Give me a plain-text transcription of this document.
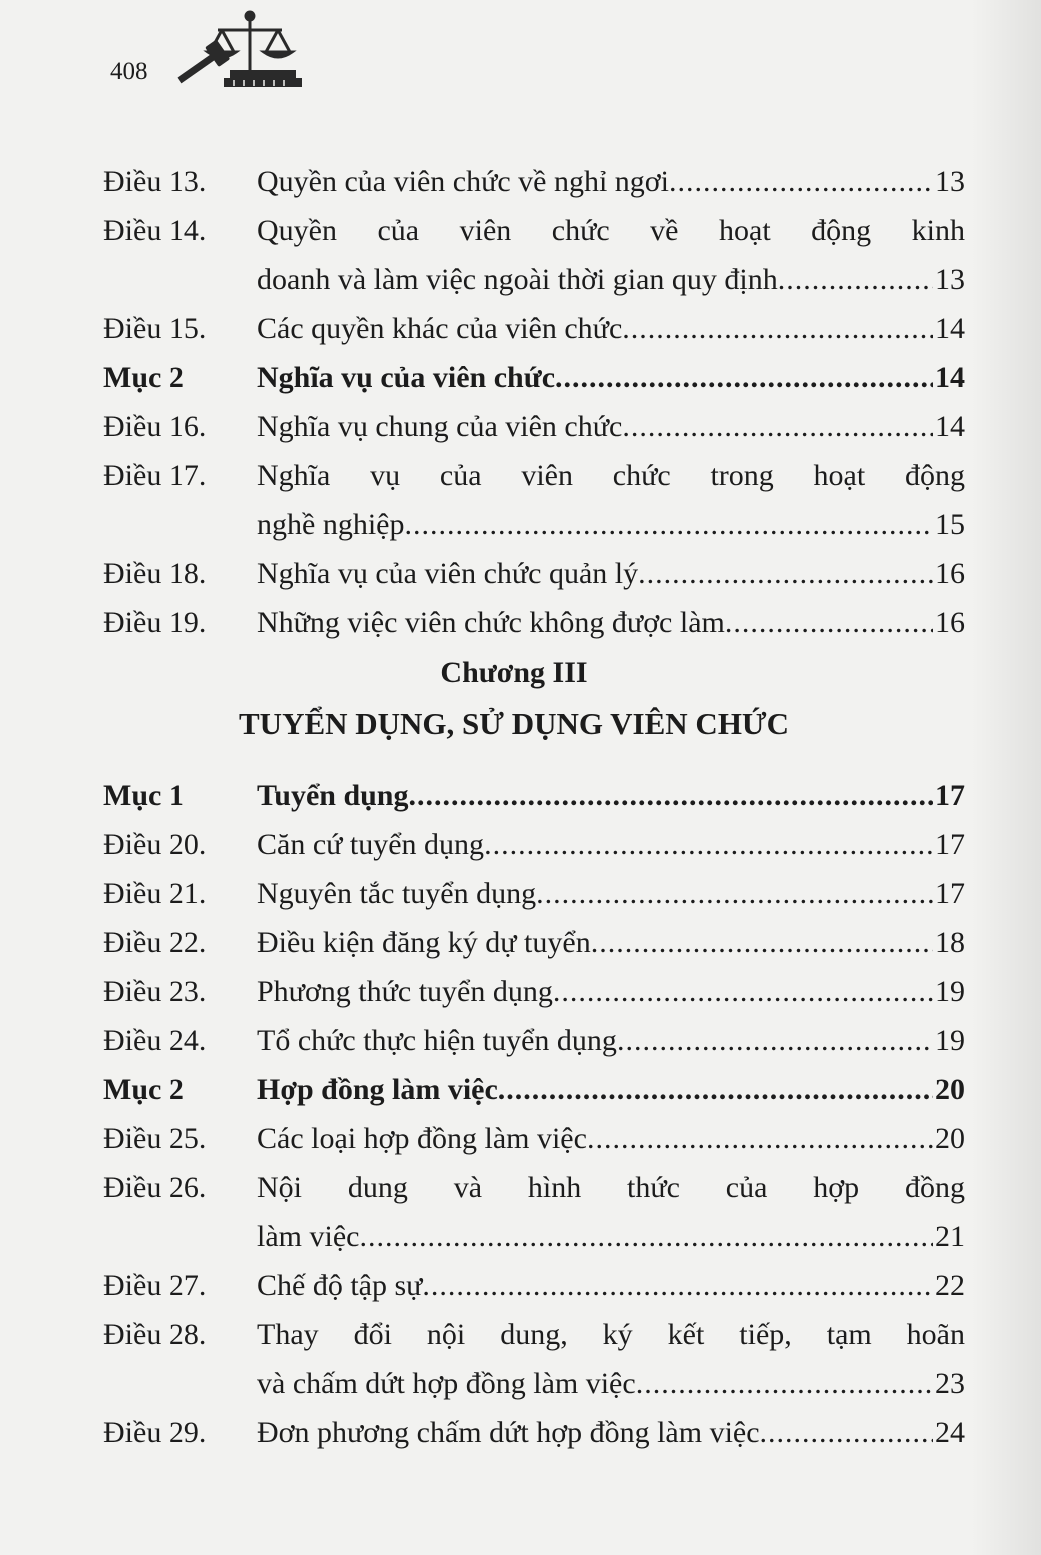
408
Điều 13.	Quyền của viên chức về nghỉ ngơi .....	13
Điều 14.	Quyền của viên chức về hoạt động kinh
doanh và làm việc ngoài thời gian quy định .....	13
Điều 15.	Các quyền khác của viên chức .....	14
Mục 2	Nghĩa vụ của viên chức .....	14
Điều 16.	Nghĩa vụ chung của viên chức .....	14
Điều 17.	Nghĩa vụ của viên chức trong hoạt động
nghề nghiệp .....	15
Điều 18.	Nghĩa vụ của viên chức quản lý .....	16
Điều 19.	Những việc viên chức không được làm .....	16
Chương III
TUYỂN DỤNG, SỬ DỤNG VIÊN CHỨC
Mục 1	Tuyển dụng .....	17
Điều 20.	Căn cứ tuyển dụng .....	17
Điều 21.	Nguyên tắc tuyển dụng .....	17
Điều 22.	Điều kiện đăng ký dự tuyển .....	18
Điều 23.	Phương thức tuyển dụng .....	19
Điều 24.	Tổ chức thực hiện tuyển dụng .....	19
Mục 2	Hợp đồng làm việc .....	20
Điều 25.	Các loại hợp đồng làm việc .....	20
Điều 26.	Nội dung và hình thức của hợp đồng
làm việc .....	21
Điều 27.	Chế độ tập sự .....	22
Điều 28.	Thay đổi nội dung, ký kết tiếp, tạm hoãn
và chấm dứt hợp đồng làm việc .....	23
Điều 29.	Đơn phương chấm dứt hợp đồng làm việc .....	24
